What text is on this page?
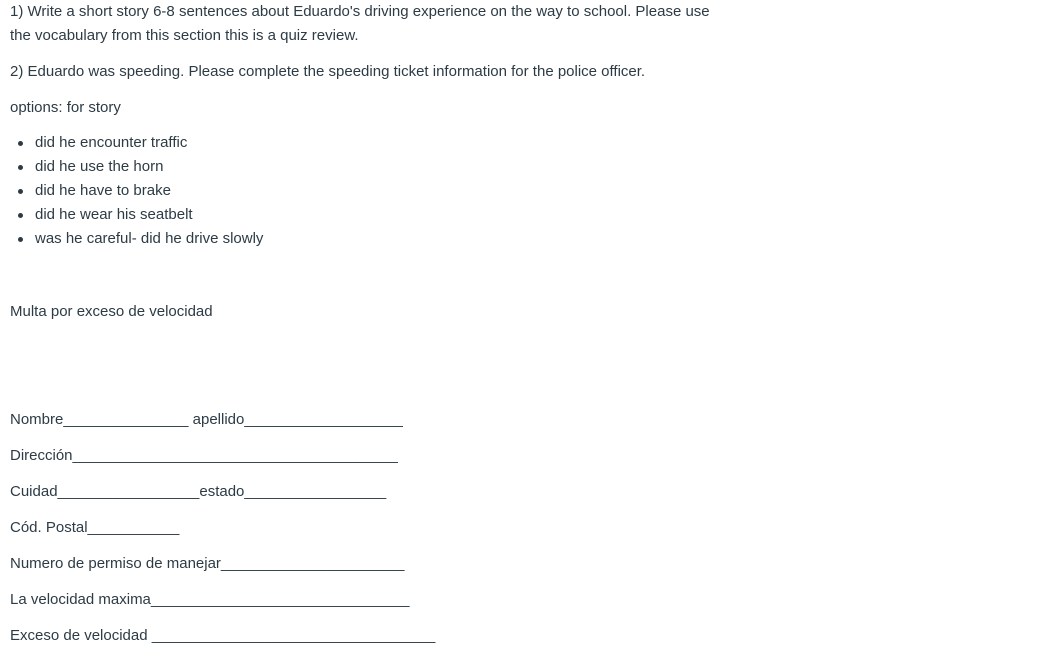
1) Write a short story 6-8 sentences about Eduardo's driving experience on the way to school. Please use
the vocabulary from this section this is a quiz review.
2) Eduardo was speeding. Please complete the speeding ticket information for the police officer.
options: for story
did he encounter traffic
did he use the horn
did he have to brake
did he wear his seatbelt
was he careful- did he drive slowly
Multa por exceso de velocidad
Nombre_______________ apellido___________________
Dirección_______________________________________
Cuidad_________________estado_________________
Cód. Postal___________
Numero de permiso de manejar______________________
La velocidad maxima_______________________________
Exceso de velocidad __________________________________
